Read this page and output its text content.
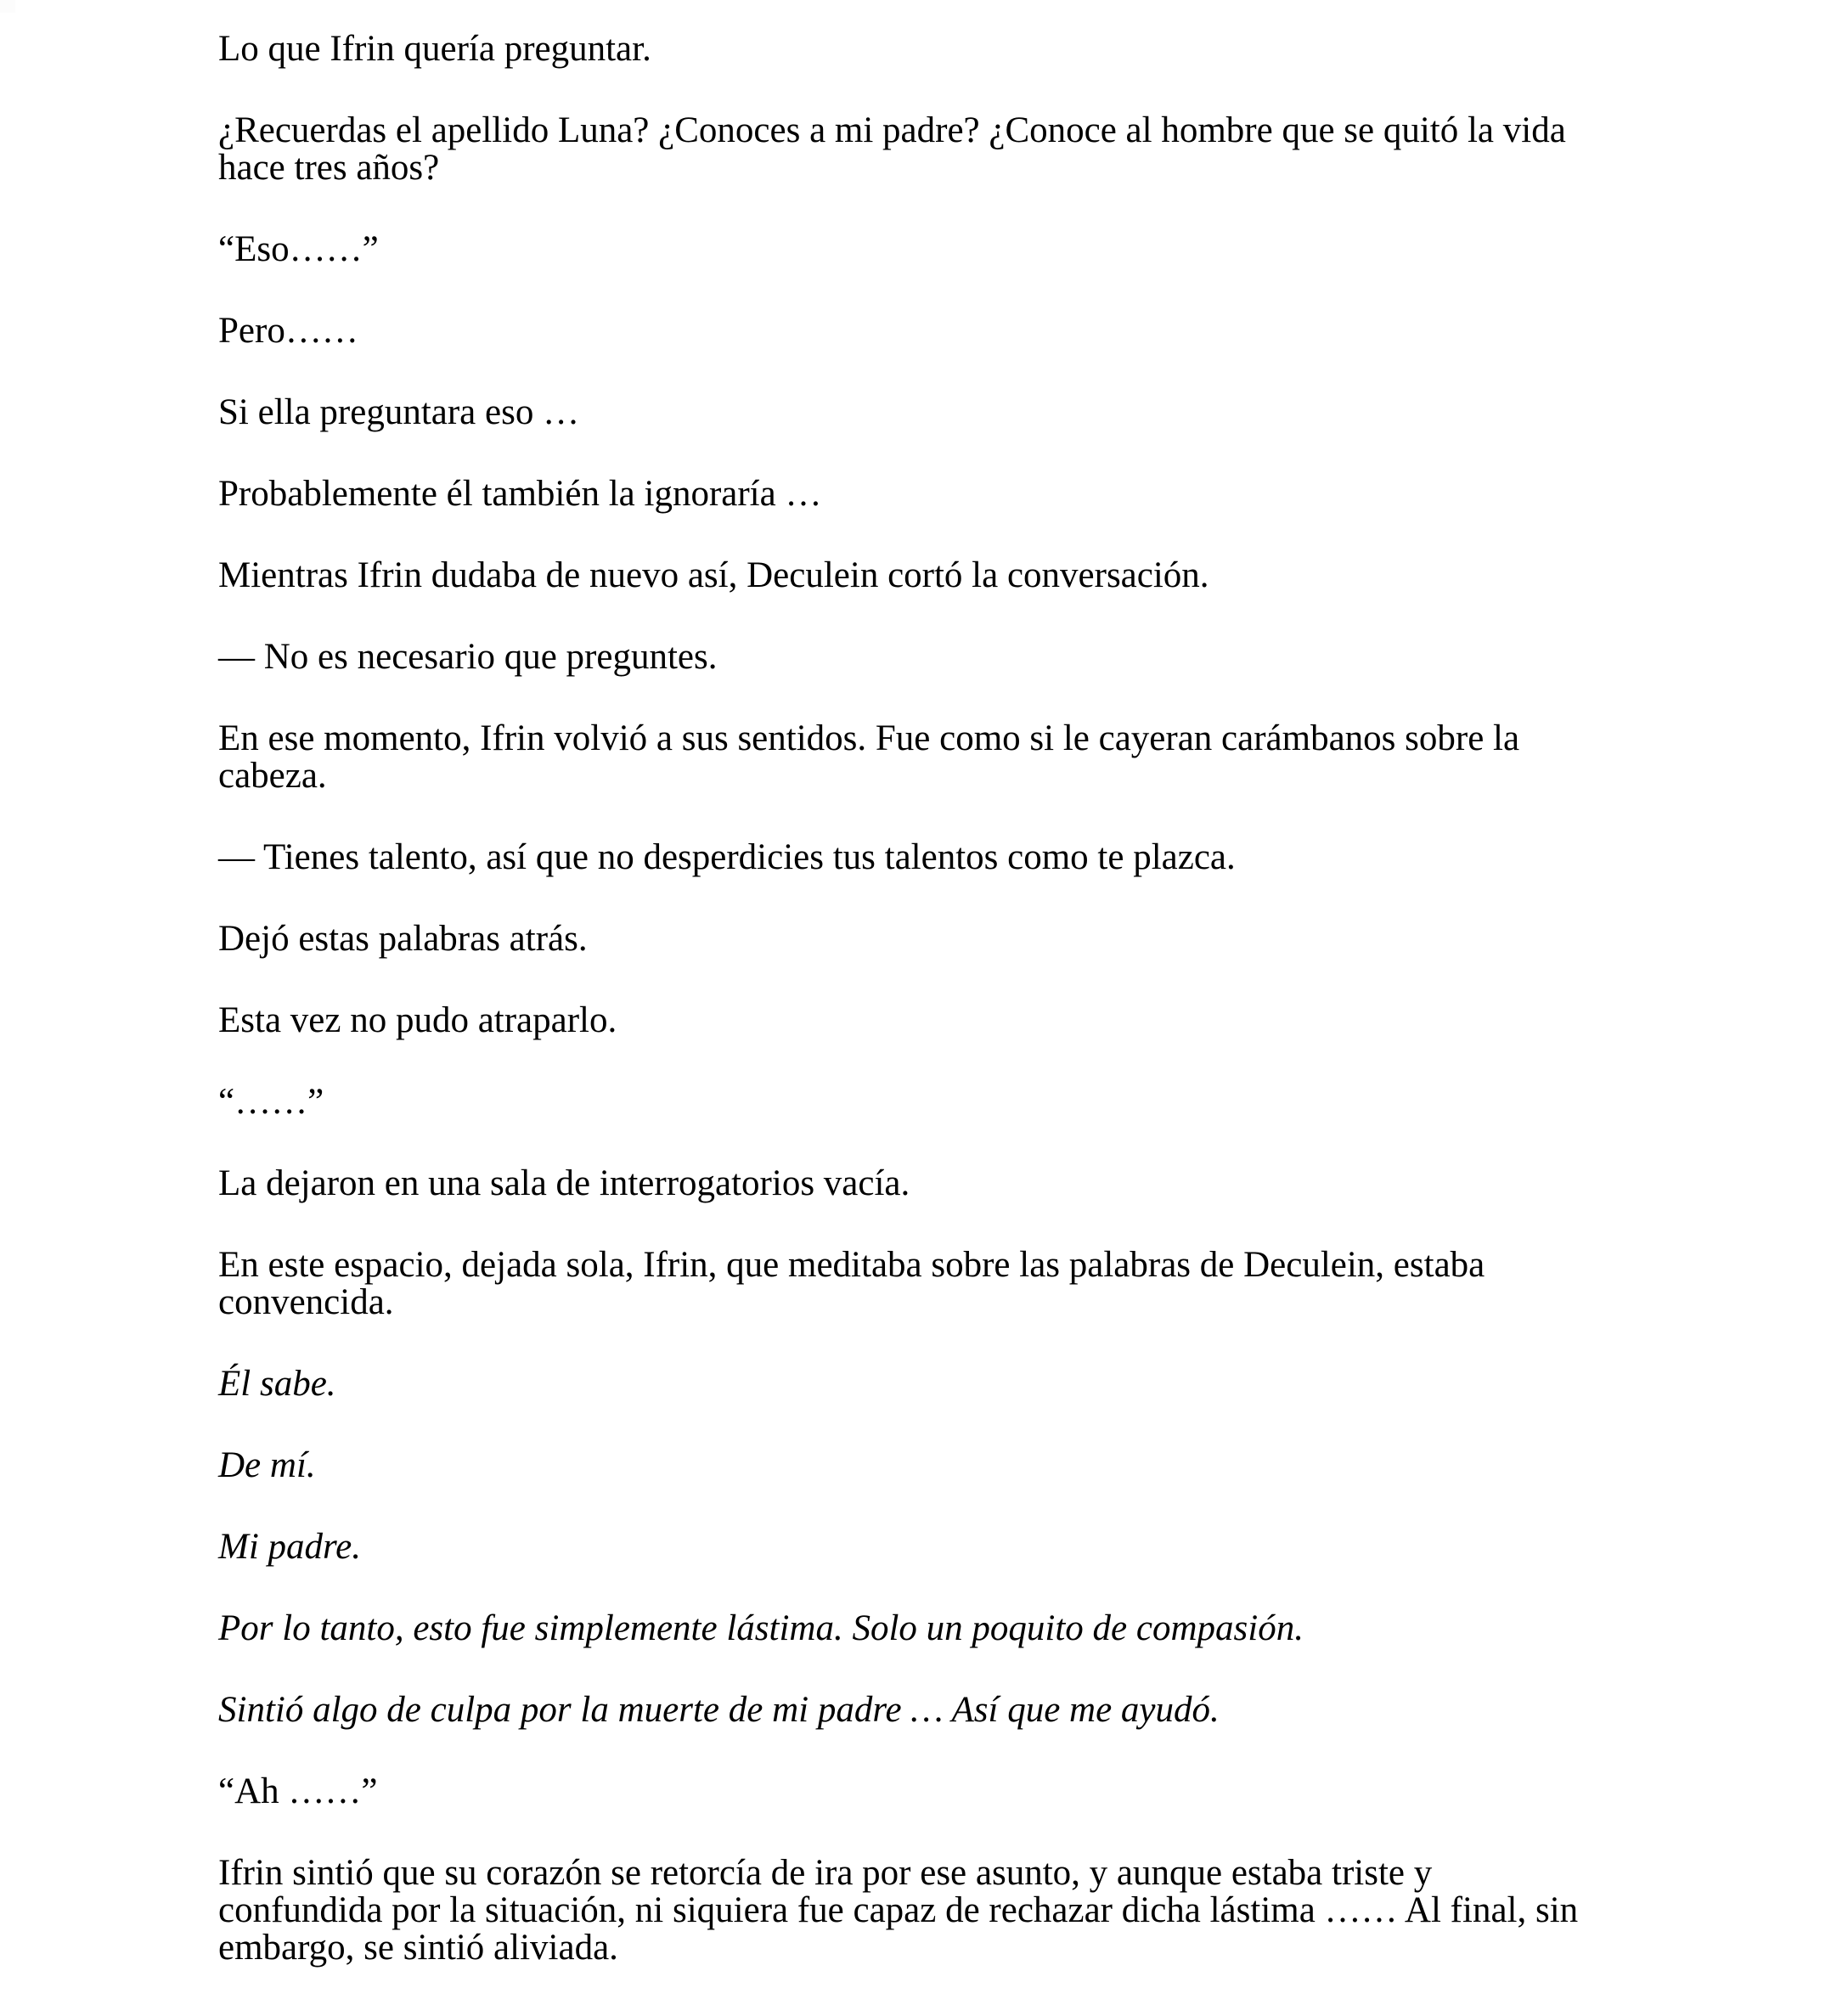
Lo que Ifrin quería preguntar.

¿Recuerdas el apellido Luna? ¿Conoces a mi padre? ¿Conoce al hombre que se quitó la vida
hace tres años?

“Eso……”

Pero……

Si ella preguntara eso …

Probablemente él también la ignoraría …

Mientras Ifrin dudaba de nuevo así, Deculein cortó la conversación.

— No es necesario que preguntes.

En ese momento, Ifrin volvió a sus sentidos. Fue como si le cayeran carámbanos sobre la
cabeza.

— Tienes talento, así que no desperdicies tus talentos como te plazca.

Dejó estas palabras atrás.

Esta vez no pudo atraparlo.

“……”

La dejaron en una sala de interrogatorios vacía.

En este espacio, dejada sola, Ifrin, que meditaba sobre las palabras de Deculein, estaba
convencida.

Él sabe.

De mí.

Mi padre.

Por lo tanto, esto fue simplemente lástima. Solo un poquito de compasión.

Sintió algo de culpa por la muerte de mi padre … Así que me ayudó.

“Ah ……”

Ifrin sintió que su corazón se retorcía de ira por ese asunto, y aunque estaba triste y
confundida por la situación, ni siquiera fue capaz de rechazar dicha lástima …… Al final, sin
embargo, se sintió aliviada.
